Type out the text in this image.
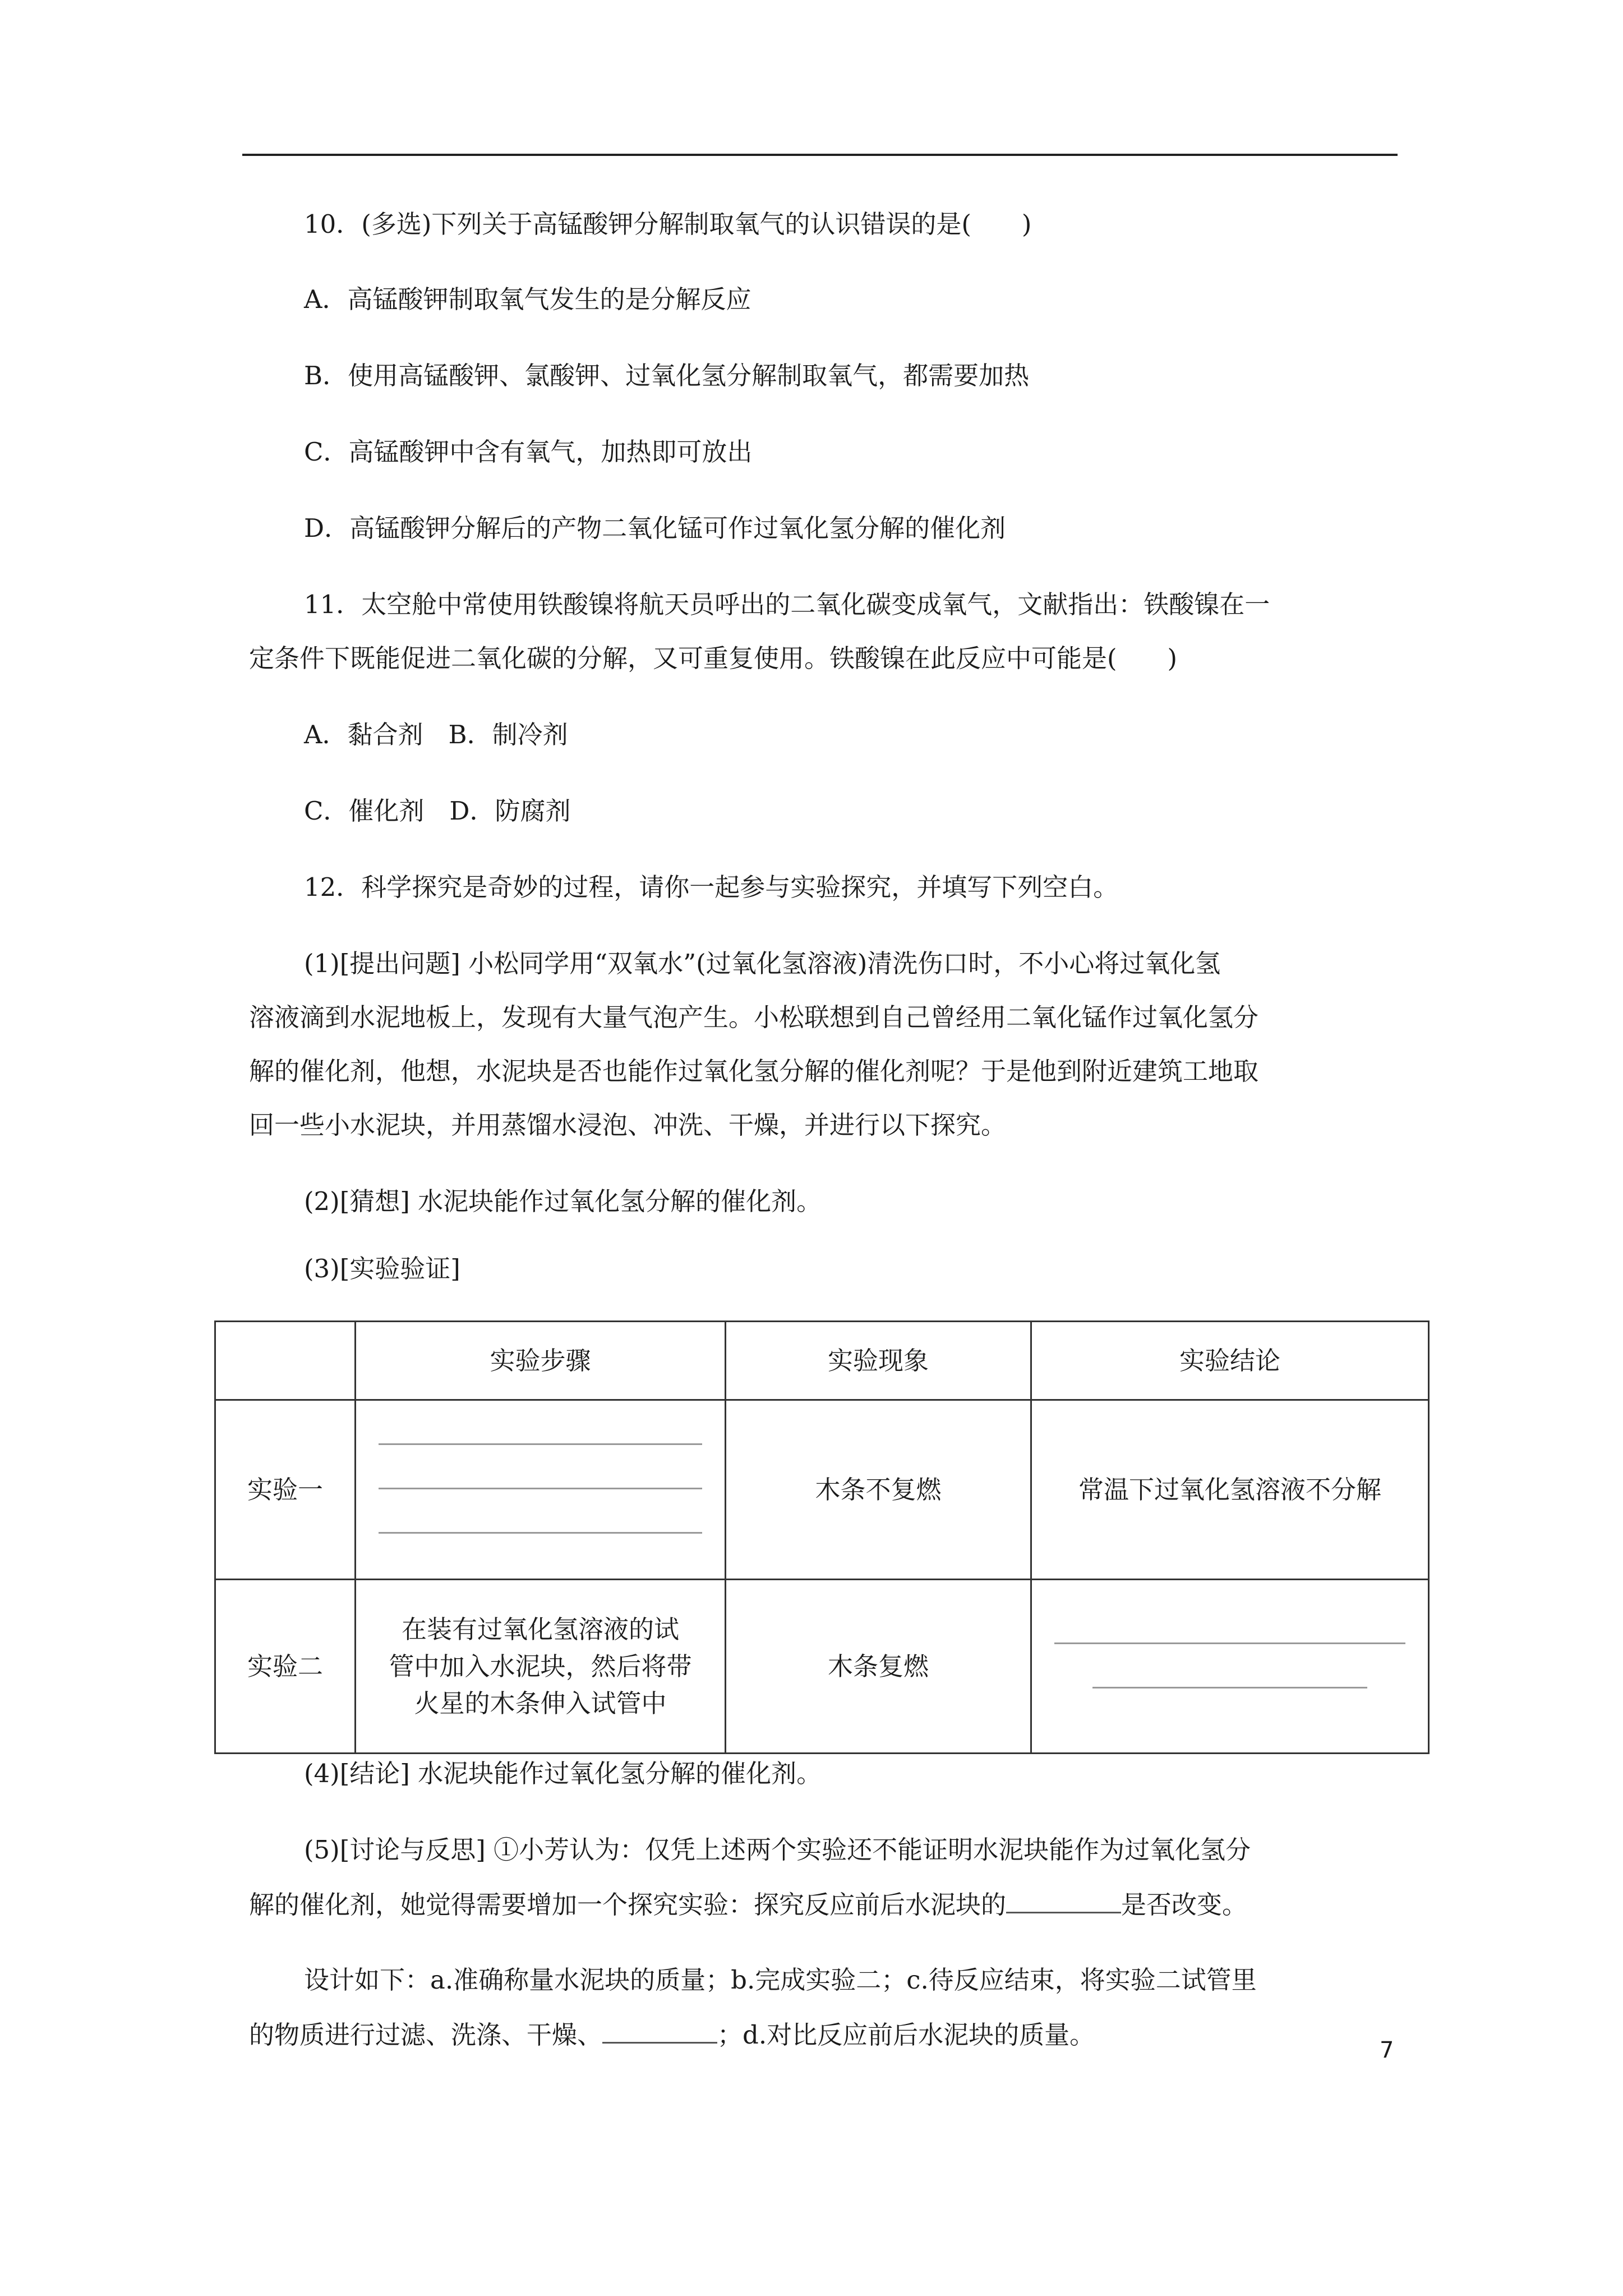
10．(多选)下列关于高锰酸钾分解制取氧气的认识错误的是(　　)
A．高锰酸钾制取氧气发生的是分解反应
B．使用高锰酸钾、氯酸钾、过氧化氢分解制取氧气，都需要加热
C．高锰酸钾中含有氧气，加热即可放出
D．高锰酸钾分解后的产物二氧化锰可作过氧化氢分解的催化剂
11．太空舱中常使用铁酸镍将航天员呼出的二氧化碳变成氧气，文献指出：铁酸镍在一
定条件下既能促进二氧化碳的分解，又可重复使用。铁酸镍在此反应中可能是(　　)
A．黏合剂　B．制冷剂
C．催化剂　D．防腐剂
12．科学探究是奇妙的过程，请你一起参与实验探究，并填写下列空白。
(1)[提出问题] 小松同学用“双氧水”(过氧化氢溶液)清洗伤口时，不小心将过氧化氢
溶液滴到水泥地板上，发现有大量气泡产生。小松联想到自己曾经用二氧化锰作过氧化氢分
解的催化剂，他想，水泥块是否也能作过氧化氢分解的催化剂呢？于是他到附近建筑工地取
回一些小水泥块，并用蒸馏水浸泡、冲洗、干燥，并进行以下探究。
(2)[猜想] 水泥块能作过氧化氢分解的催化剂。
(3)[实验验证]
	实验步骤	实验现象	实验结论
实验一		木条不复燃	常温下过氧化氢溶液不分解
实验二	在装有过氧化氢溶液的试
管中加入水泥块，然后将带
火星的木条伸入试管中	木条复燃	
(4)[结论] 水泥块能作过氧化氢分解的催化剂。
(5)[讨论与反思] ①小芳认为：仅凭上述两个实验还不能证明水泥块能作为过氧化氢分
解的催化剂，她觉得需要增加一个探究实验：探究反应前后水泥块的	是否改变。
设计如下：a.准确称量水泥块的质量；b.完成实验二；c.待反应结束，将实验二试管里
的物质进行过滤、洗涤、干燥、	；d.对比反应前后水泥块的质量。
7
